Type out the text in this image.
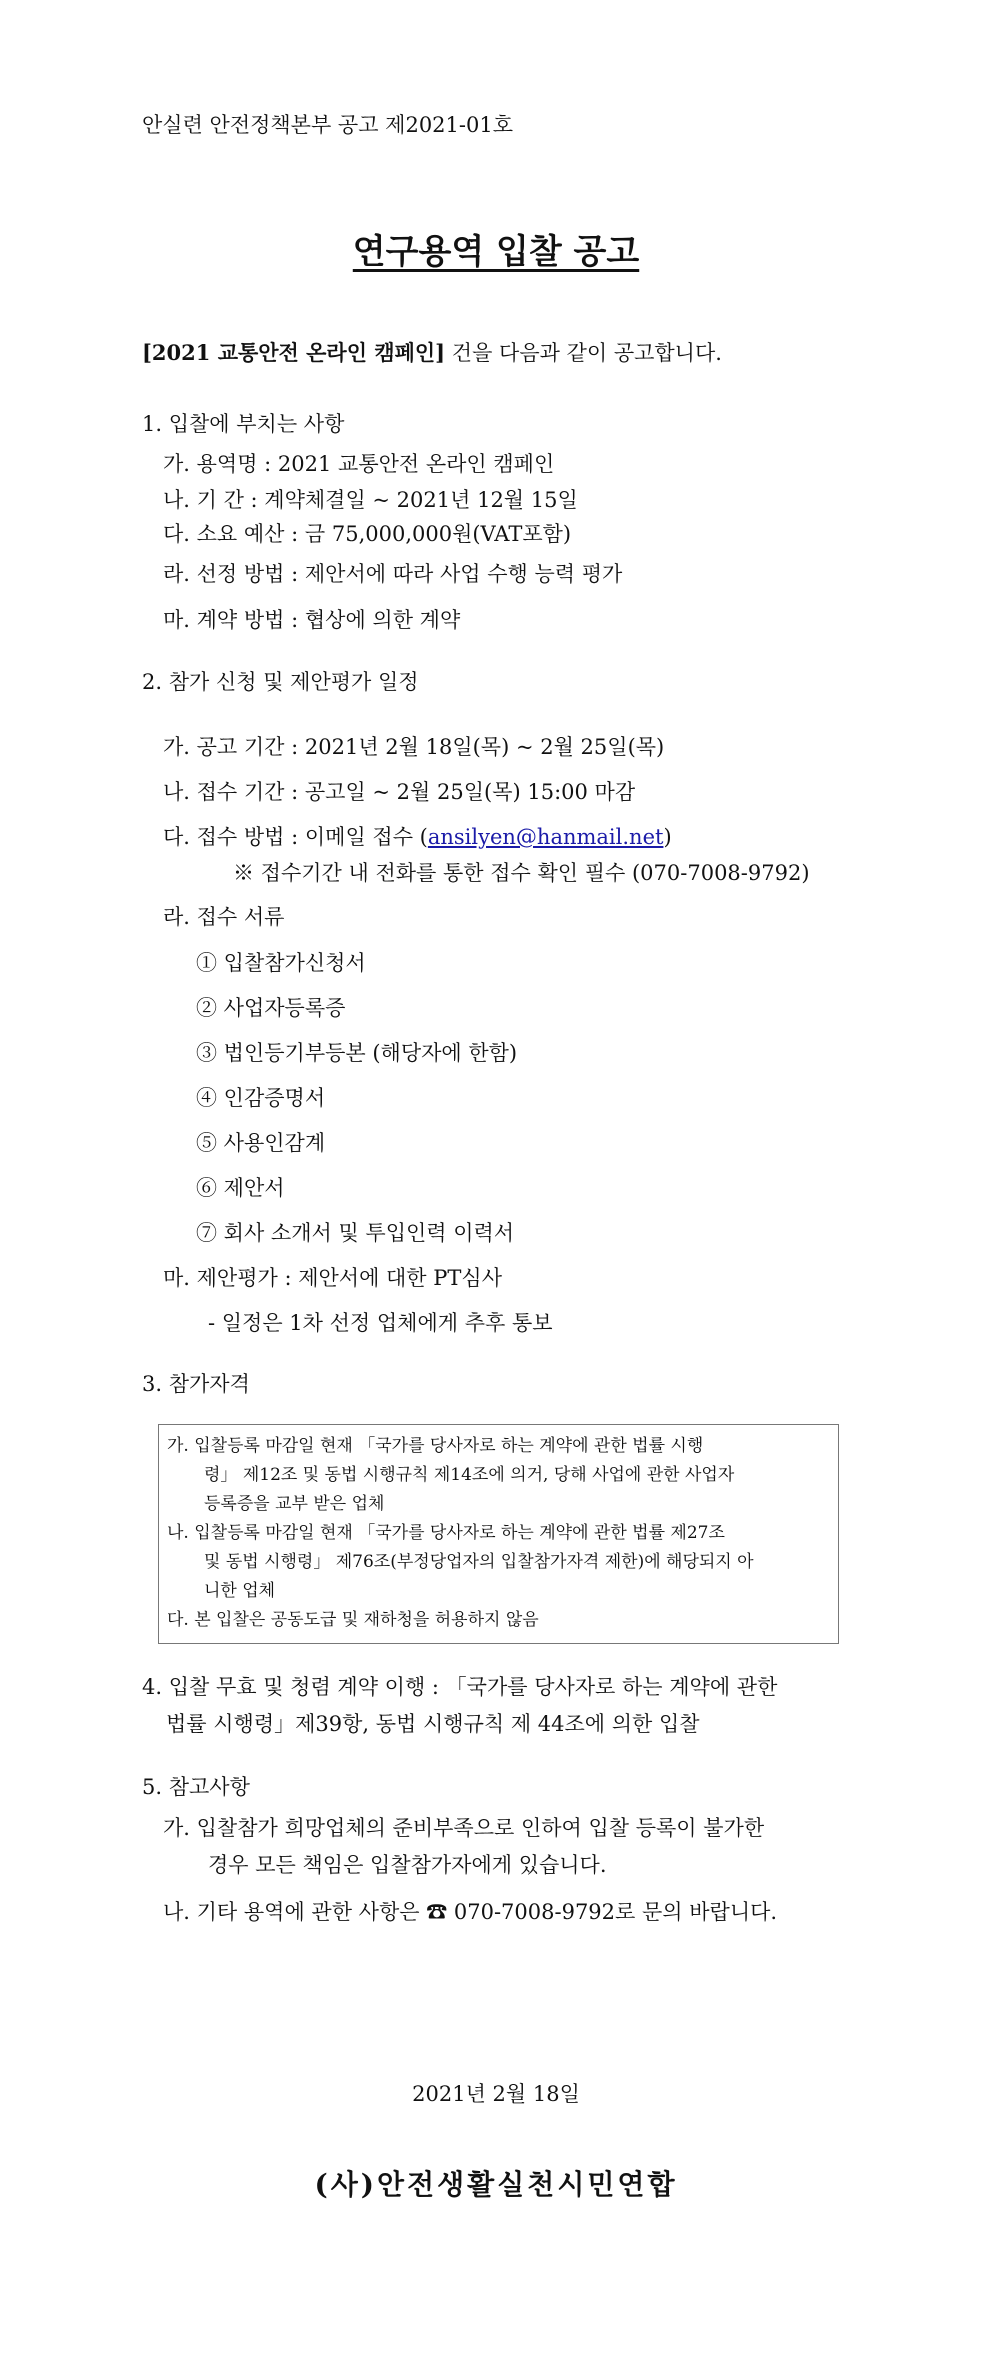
안실련 안전정책본부 공고 제2021-01호
연구용역 입찰 공고
[2021 교통안전 온라인 캠페인] 건을 다음과 같이 공고합니다.
1. 입찰에 부치는 사항
가. 용역명 : 2021 교통안전 온라인 캠페인
나. 기 간 : 계약체결일 ~ 2021년 12월 15일
다. 소요 예산 : 금 75,000,000원(VAT포함)
라. 선정 방법 : 제안서에 따라 사업 수행 능력 평가
마. 계약 방법 : 협상에 의한 계약
2. 참가 신청 및 제안평가 일정
가. 공고 기간 : 2021년 2월 18일(목) ~ 2월 25일(목)
나. 접수 기간 : 공고일 ~ 2월 25일(목) 15:00 마감
다. 접수 방법 : 이메일 접수 (ansilyen@hanmail.net)
※ 접수기간 내 전화를 통한 접수 확인 필수 (070-7008-9792)
라. 접수 서류
① 입찰참가신청서
② 사업자등록증
③ 법인등기부등본 (해당자에 한함)
④ 인감증명서
⑤ 사용인감계
⑥ 제안서
⑦ 회사 소개서 및 투입인력 이력서
마. 제안평가 : 제안서에 대한 PT심사
- 일정은 1차 선정 업체에게 추후 통보
3. 참가자격
가. 입찰등록 마감일 현재 「국가를 당사자로 하는 계약에 관한 법률 시행
령」 제12조 및 동법 시행규칙 제14조에 의거, 당해 사업에 관한 사업자
등록증을 교부 받은 업체
나. 입찰등록 마감일 현재 「국가를 당사자로 하는 계약에 관한 법률 제27조
및 동법 시행령」 제76조(부정당업자의 입찰참가자격 제한)에 해당되지 아
니한 업체
다. 본 입찰은 공동도급 및 재하청을 허용하지 않음
4. 입찰 무효 및 청렴 계약 이행 : 「국가를 당사자로 하는 계약에 관한
법률 시행령」제39항, 동법 시행규칙 제 44조에 의한 입찰
5. 참고사항
가. 입찰참가 희망업체의 준비부족으로 인하여 입찰 등록이 불가한
경우 모든 책임은 입찰참가자에게 있습니다.
나. 기타 용역에 관한 사항은 ☎ 070-7008-9792로 문의 바랍니다.
2021년 2월 18일
(사)안전생활실천시민연합
